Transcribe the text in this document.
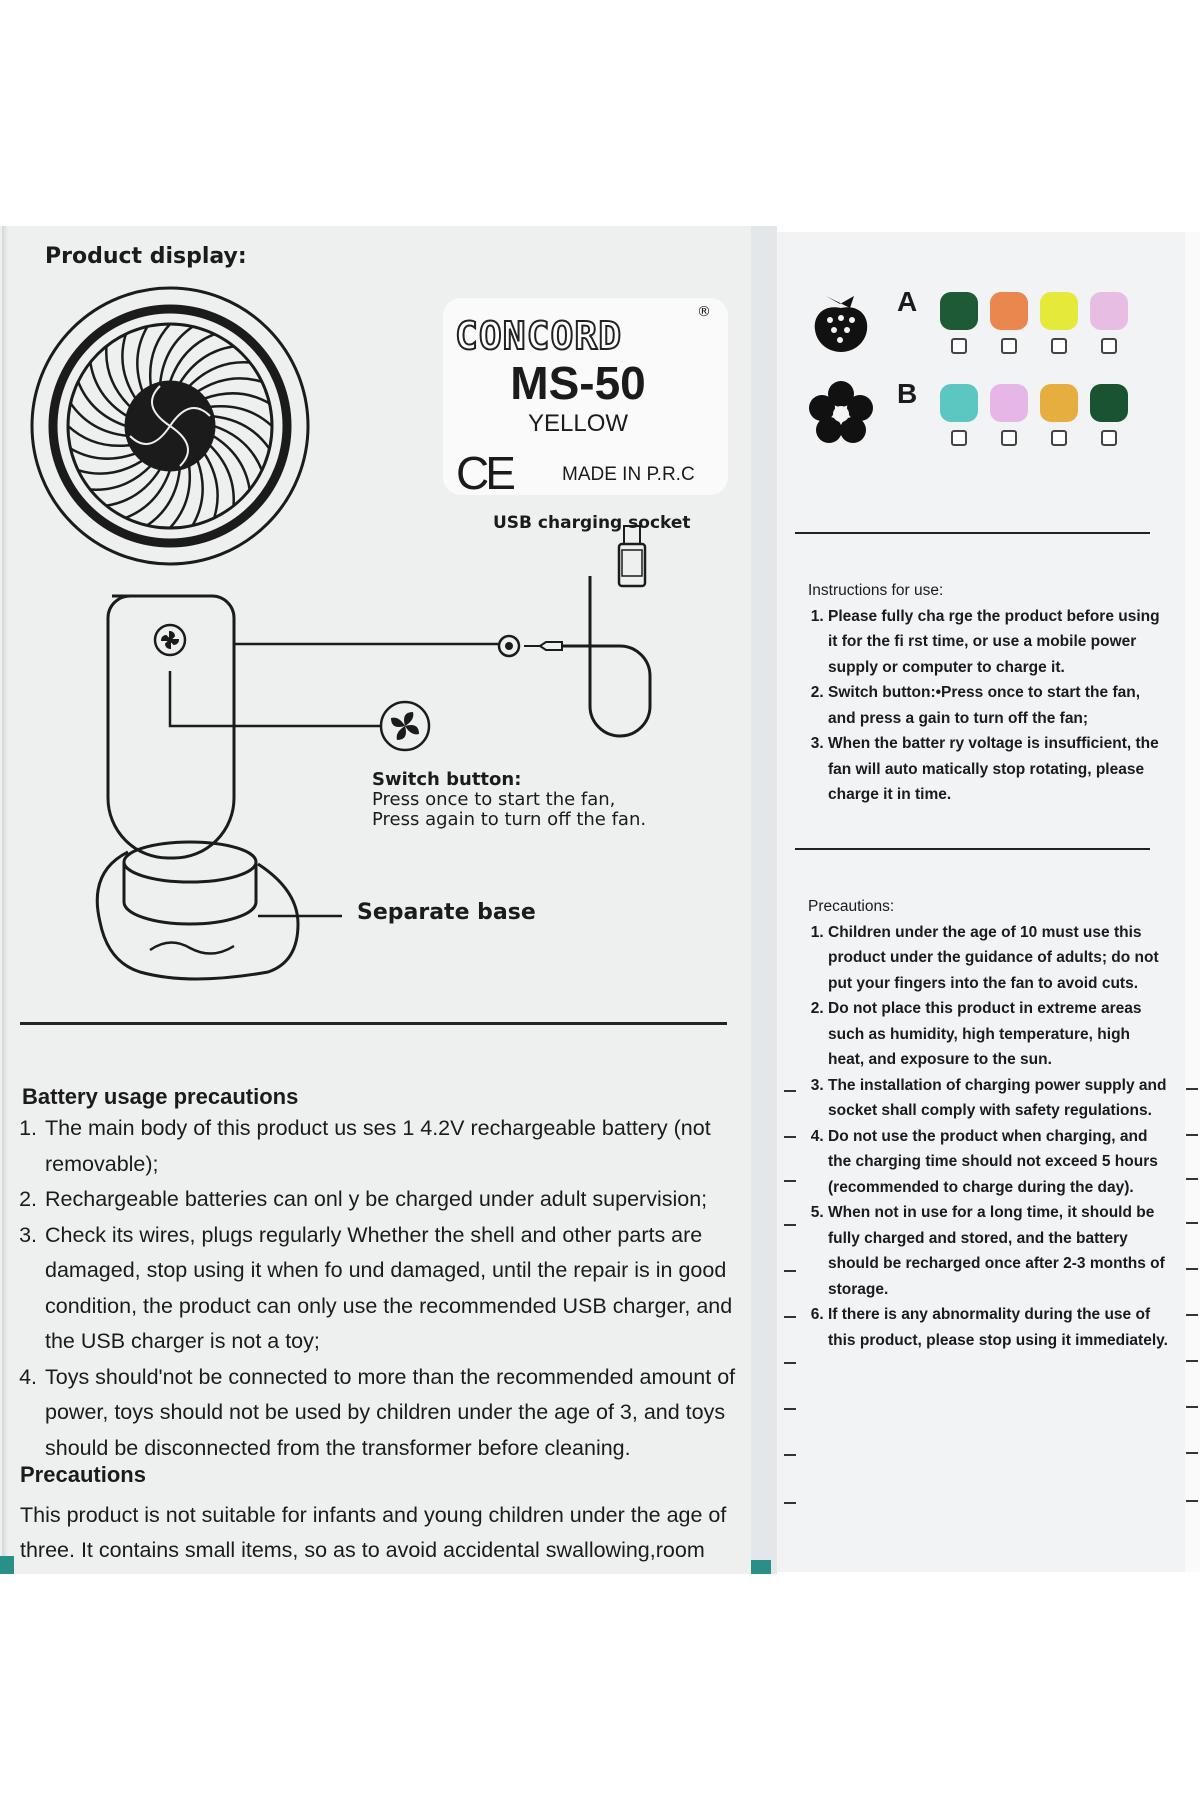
Product display:
CONCORD
®
MS-50
YELLOW
CE	MADE IN P.R.C
USB charging socket
Switch button:
Press once to start the fan,
Press again to turn off the fan.
Separate base
Battery usage precautions
1. The main body of this product us ses 1 4.2V rechargeable battery (not removable);
2. Rechargeable batteries can onl y be charged under adult supervision;
3. Check its wires, plugs regularly Whether the shell and other parts are damaged, stop using it when fo und damaged, until the repair is in good condition, the product can only use the recommended USB charger, and the USB charger is not a toy;
4. Toys should'not be connected to more than the recommended amount of power, toys should not be used by children under the age of 3, and toys should be disconnected from the transformer before cleaning.
Precautions
This product is not suitable for infants and young children under the age of three. It contains small items, so as to avoid accidental swallowing,room
A
B
Instructions for use:
1. Please fully cha rge the product before using it for the fi rst time, or use a mobile power supply or computer to charge it.
2. Switch button:•Press once to start the fan, and press a gain to turn off the fan;
3. When the batter ry voltage is insufficient, the fan will auto matically stop rotating, please charge it in time.
Precautions:
1. Children under the age of 10 must use this product under the guidance of adults; do not put your fingers into the fan to avoid cuts.
2. Do not place this product in extreme areas such as humidity, high temperature, high heat, and exposure to the sun.
3. The installation of charging power supply and socket shall comply with safety regulations.
4. Do not use the product when charging, and the charging time should not exceed 5 hours (recommended to charge during the day).
5. When not in use for a long time, it should be fully charged and stored, and the battery should be recharged once after 2-3 months of storage.
6. If there is any abnormality during the use of this product, please stop using it immediately.
